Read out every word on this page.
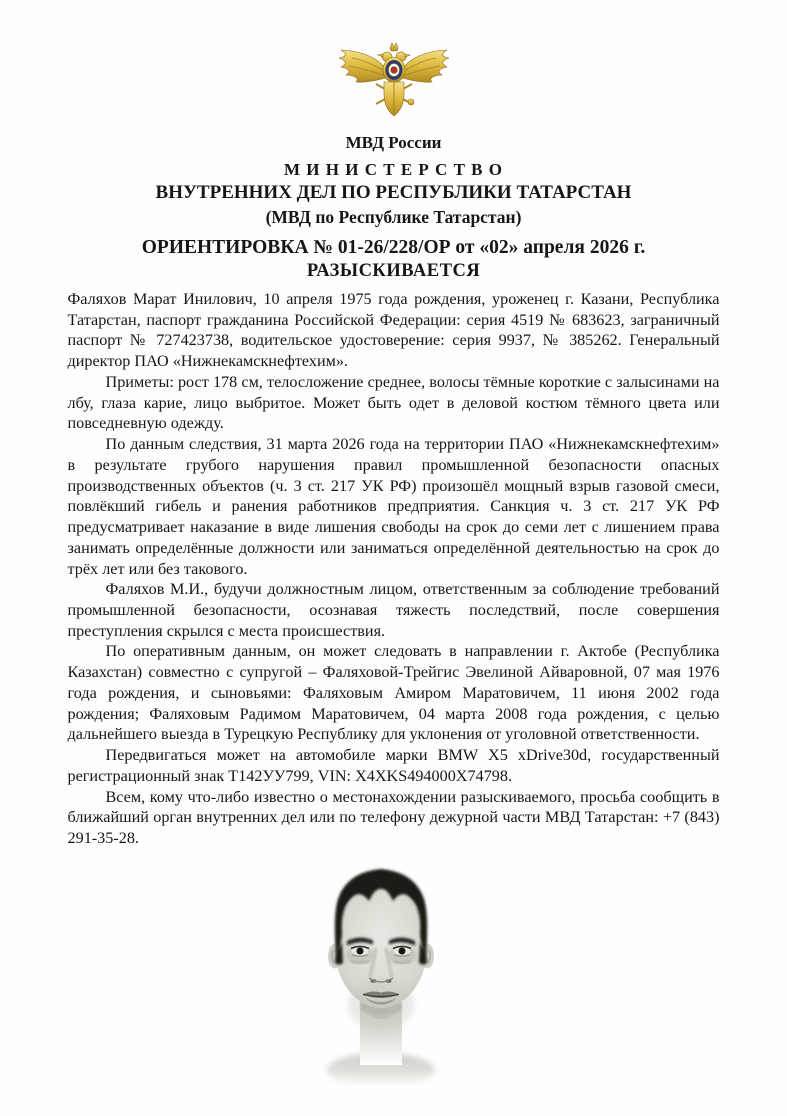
МВД России
М И Н И С Т Е Р С Т В О
ВНУТРЕННИХ ДЕЛ ПО РЕСПУБЛИКИ ТАТАРСТАН
(МВД по Республике Татарстан)
ОРИЕНТИРОВКА № 01-26/228/ОР от «02» апреля 2026 г.
РАЗЫСКИВАЕТСЯ

Фаляхов Марат Инилович, 10 апреля 1975 года рождения, уроженец г. Казани, Республика Татарстан, паспорт гражданина Российской Федерации: серия 4519 № 683623, заграничный паспорт № 727423738, водительское удостоверение: серия 9937, № 385262. Генеральный директор ПАО «Нижнекамскнефтехим».

Приметы: рост 178 см, телосложение среднее, волосы тёмные короткие с залысинами на лбу, глаза карие, лицо выбритое. Может быть одет в деловой костюм тёмного цвета или повседневную одежду.

По данным следствия, 31 марта 2026 года на территории ПАО «Нижнекамскнефтехим» в результате грубого нарушения правил промышленной безопасности опасных производственных объектов (ч. 3 ст. 217 УК РФ) произошёл мощный взрыв газовой смеси, повлёкший гибель и ранения работников предприятия. Санкция ч. 3 ст. 217 УК РФ предусматривает наказание в виде лишения свободы на срок до семи лет с лишением права занимать определённые должности или заниматься определённой деятельностью на срок до трёх лет или без такового.

Фаляхов М.И., будучи должностным лицом, ответственным за соблюдение требований промышленной безопасности, осознавая тяжесть последствий, после совершения преступления скрылся с места происшествия.

По оперативным данным, он может следовать в направлении г. Актобе (Республика Казахстан) совместно с супругой – Фаляховой-Трейгис Эвелиной Айваровной, 07 мая 1976 года рождения, и сыновьями: Фаляховым Амиром Маратовичем, 11 июня 2002 года рождения; Фаляховым Радимом Маратовичем, 04 марта 2008 года рождения, с целью дальнейшего выезда в Турецкую Республику для уклонения от уголовной ответственности.

Передвигаться может на автомобиле марки BMW X5 xDrive30d, государственный регистрационный знак Т142УУ799, VIN: X4XKS494000X74798.

Всем, кому что-либо известно о местонахождении разыскиваемого, просьба сообщить в ближайший орган внутренних дел или по телефону дежурной части МВД Татарстан: +7 (843) 291-35-28.
